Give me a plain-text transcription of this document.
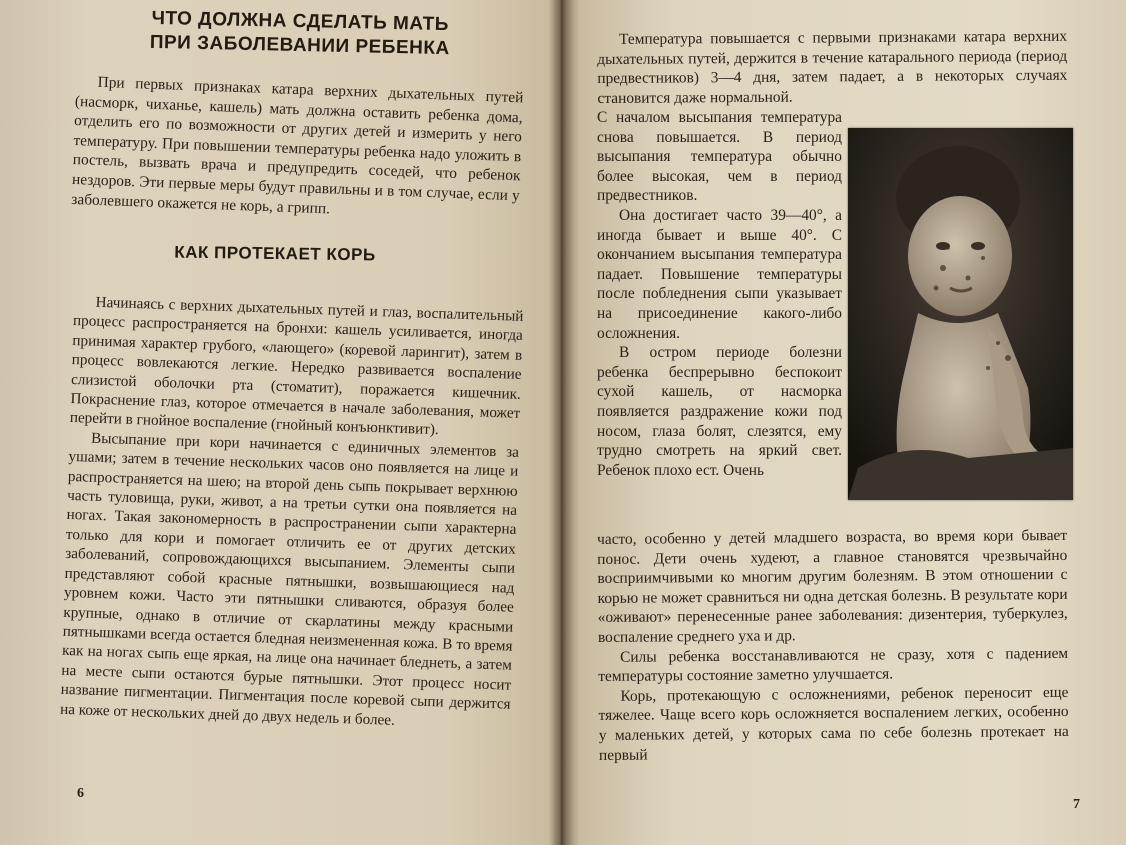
ЧТО ДОЛЖНА СДЕЛАТЬ МАТЬ
ПРИ ЗАБОЛЕВАНИИ РЕБЕНКА

При первых признаках катара верхних дыхательных путей (насморк, чиханье, кашель) мать должна оставить ребенка дома, отделить его по возможности от других детей и измерить у него температуру. При повышении температуры ребенка надо уложить в постель, вызвать врача и предупредить соседей, что ребенок нездоров. Эти первые меры будут правильны и в том случае, если у заболевшего окажется не корь, а грипп.

КАК ПРОТЕКАЕТ КОРЬ

Начинаясь с верхних дыхательных путей и глаз, воспалительный процесс распространяется на бронхи: кашель усиливается, иногда принимая характер грубого, «лающего» (коревой ларингит), затем в процесс вовлекаются легкие. Нередко развивается воспаление слизистой оболочки рта (стоматит), поражается кишечник. Покраснение глаз, которое отмечается в начале заболевания, может перейти в гнойное воспаление (гнойный конъюнктивит).

Высыпание при кори начинается с единичных элементов за ушами; затем в течение нескольких часов оно появляется на лице и распространяется на шею; на второй день сыпь покрывает верхнюю часть туловища, руки, живот, а на третьи сутки она появляется на ногах. Такая закономерность в распространении сыпи характерна только для кори и помогает отличить ее от других детских заболеваний, сопровождающихся высыпанием. Элементы сыпи представляют собой красные пятнышки, возвышающиеся над уровнем кожи. Часто эти пятнышки сливаются, образуя более крупные, однако в отличие от скарлатины между красными пятнышками всегда остается бледная неизмененная кожа. В то время как на ногах сыпь еще яркая, на лице она начинает бледнеть, а затем на месте сыпи остаются бурые пятнышки. Этот процесс носит название пигментации. Пигментация после коревой сыпи держится на коже от нескольких дней до двух недель и более.

6

Температура повышается с первыми признаками катара верхних дыхательных путей, держится в течение катарального периода (период предвестников) 3—4 дня, затем падает, а в некоторых случаях становится даже нормальной.

С началом высыпания температура снова повышается. В период высыпания температура обычно более высокая, чем в период предвестников.

Она достигает часто 39—40°, а иногда бывает и выше 40°. С окончанием высыпания температура падает. Повышение температуры после побледнения сыпи указывает на присоединение какого-либо осложнения.

В остром периоде болезни ребенка беспрерывно беспокоит сухой кашель, от насморка появляется раздражение кожи под носом, глаза болят, слезятся, ему трудно смотреть на яркий свет. Ребенок плохо ест. Очень

часто, особенно у детей младшего возраста, во время кори бывает понос. Дети очень худеют, а главное становятся чрезвычайно восприимчивыми ко многим другим болезням. В этом отношении с корью не может сравниться ни одна детская болезнь. В результате кори «оживают» перенесенные ранее заболевания: дизентерия, туберкулез, воспаление среднего уха и др.

Силы ребенка восстанавливаются не сразу, хотя с падением температуры состояние заметно улучшается.

Корь, протекающую с осложнениями, ребенок переносит еще тяжелее. Чаще всего корь осложняется воспалением легких, особенно у маленьких детей, у которых сама по себе болезнь протекает на первый

7
